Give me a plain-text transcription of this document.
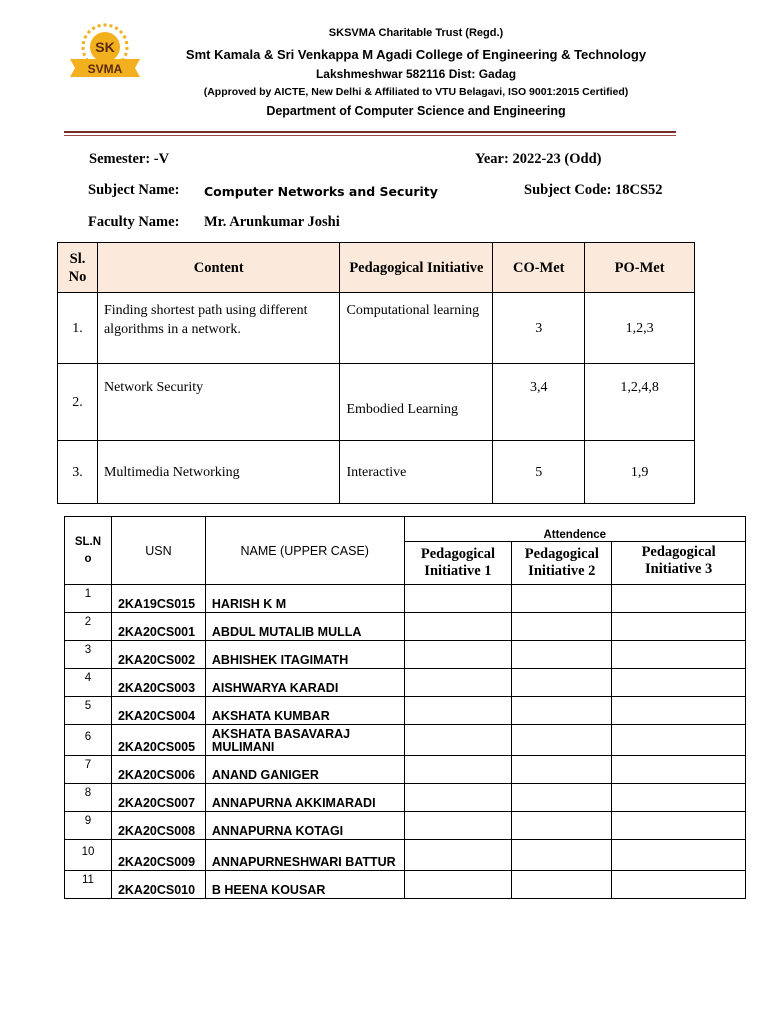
SK
SVMA
SKSVMA Charitable Trust (Regd.)
Smt Kamala & Sri Venkappa M Agadi College of Engineering & Technology
Lakshmeshwar 582116 Dist: Gadag
(Approved by AICTE, New Delhi & Affiliated to VTU Belagavi, ISO 9001:2015 Certified)
Department of Computer Science and Engineering
Semester: -V	Year: 2022-23 (Odd)
Subject Name: Computer Networks and Security	Subject Code: 18CS52
Faculty Name: Mr. Arunkumar Joshi
Sl. No	Content	Pedagogical Initiative	CO-Met	PO-Met
1.	Finding shortest path using different algorithms in a network.	Computational learning	3	1,2,3
2.	Network Security	Embodied Learning	3,4	1,2,4,8
3.	Multimedia Networking	Interactive	5	1,9
SL.N o	USN	NAME (UPPER CASE)	Attendence		
			Pedagogical Initiative 1	Pedagogical Initiative 2	Pedagogical Initiative 3
1	2KA19CS015	HARISH K M			
2	2KA20CS001	ABDUL MUTALIB MULLA			
3	2KA20CS002	ABHISHEK ITAGIMATH			
4	2KA20CS003	AISHWARYA KARADI			
5	2KA20CS004	AKSHATA KUMBAR			
6	2KA20CS005	AKSHATA BASAVARAJ MULIMANI			
7	2KA20CS006	ANAND GANIGER			
8	2KA20CS007	ANNAPURNA AKKIMARADI			
9	2KA20CS008	ANNAPURNA KOTAGI			
10	2KA20CS009	ANNAPURNESHWARI BATTUR			
11	2KA20CS010	B HEENA KOUSAR			
